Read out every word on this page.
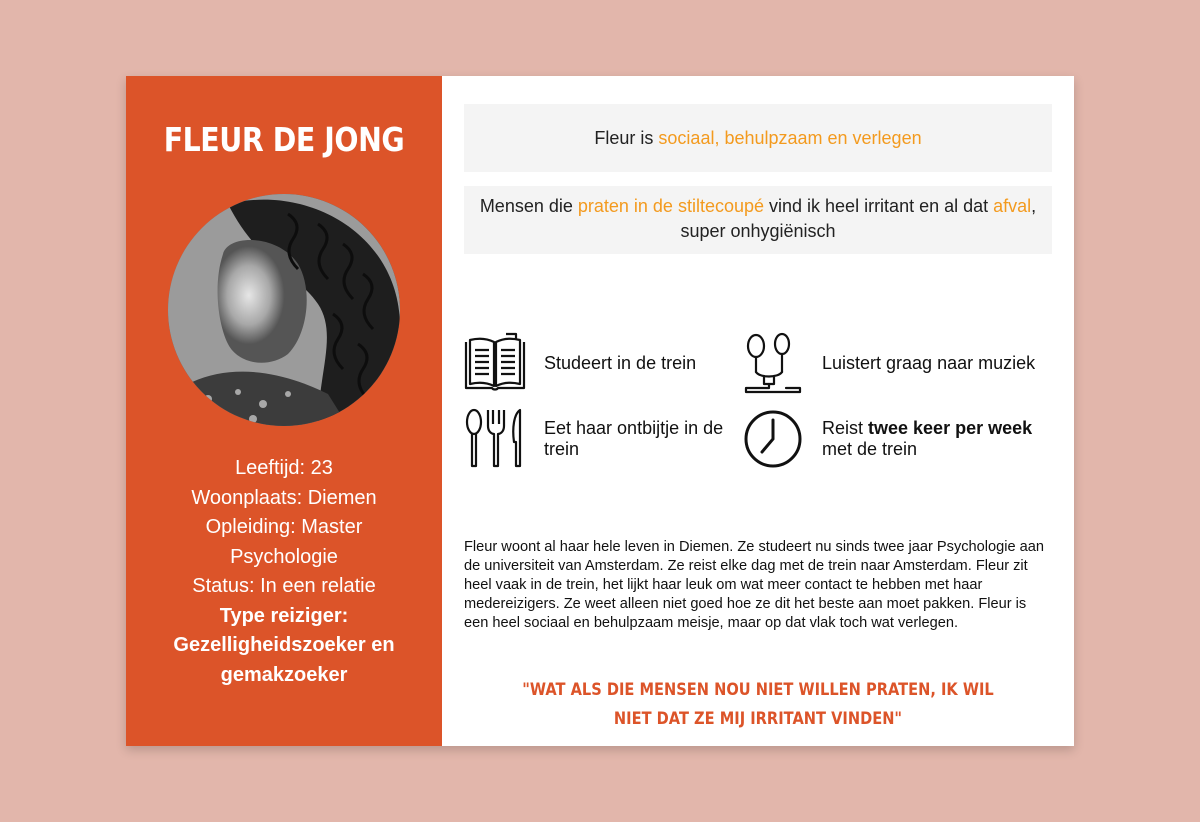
FLEUR DE JONG
Leeftijd: 23
Woonplaats: Diemen
Opleiding: Master
Psychologie
Status: In een relatie
Type reiziger:
Gezelligheidszoeker en gemakzoeker
Fleur is sociaal, behulpzaam en verlegen
Mensen die praten in de stiltecoupé vind ik heel irritant en al dat afval, super onhygiënisch
Studeert in de trein	Luistert graag naar muziek
Eet haar ontbijtje in de trein
Reist twee keer per week
met de trein
Fleur woont al haar hele leven in Diemen. Ze studeert nu sinds twee jaar Psychologie aan de universiteit van Amsterdam. Ze reist elke dag met de trein naar Amsterdam. Fleur zit heel vaak in de trein, het lijkt haar leuk om wat meer contact te hebben met haar medereizigers. Ze weet alleen niet goed hoe ze dit het beste aan moet pakken. Fleur is een heel sociaal en behulpzaam meisje, maar op dat vlak toch wat verlegen.
"WAT ALS DIE MENSEN NOU NIET WILLEN PRATEN, IK WIL NIET DAT ZE MIJ IRRITANT VINDEN"
